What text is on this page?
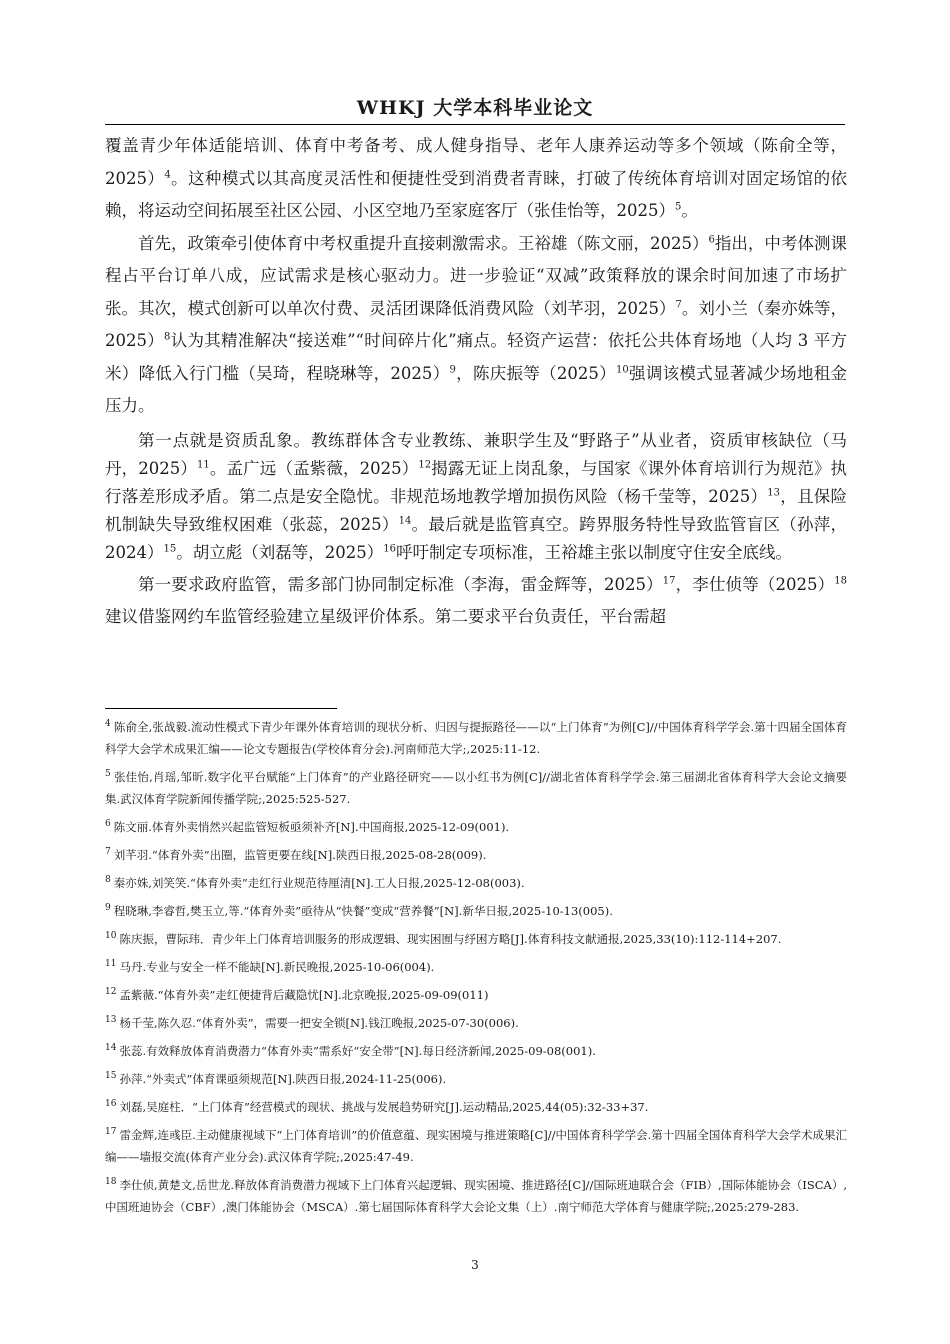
WHKJ 大学本科毕业论文

覆盖青少年体适能培训、体育中考备考、成人健身指导、老年人康养运动等多个领域（陈俞全等，2025）$^4$。这种模式以其高度灵活性和便捷性受到消费者青睐，打破了传统体育培训对固定场馆的依赖，将运动空间拓展至社区公园、小区空地乃至家庭客厅（张佳怡等，2025）$^5$。

首先，政策牵引使体育中考权重提升直接刺激需求。王裕雄（陈文丽，2025）$^6$指出，中考体测课程占平台订单八成，应试需求是核心驱动力。进一步验证“双减”政策释放的课余时间加速了市场扩张。其次，模式创新可以单次付费、灵活团课降低消费风险（刘芊羽，2025）$^7$。刘小兰（秦亦姝等，2025）$^8$认为其精准解决“接送难”“时间碎片化”痛点。轻资产运营：依托公共体育场地（人均 3 平方米）降低入行门槛（吴琦，程晓琳等，2025）$^9$，陈庆振等$(2025)^{10}$强调该模式显著减少场地租金压力。

第一点就是资质乱象。教练群体含专业教练、兼职学生及“野路子”从业者，资质审核缺位（马丹，2025）$^{11}$。孟广远（孟紫薇，2025）$^{12}$揭露无证上岗乱象，与国家《课外体育培训行为规范》执行落差形成矛盾。第二点是安全隐忧。非规范场地教学增加损伤风险（杨千莹等，2025）$^{13}$，且保险机制缺失导致维权困难（张蕊，2025）$^{14}$。最后就是监管真空。跨界服务特性导致监管盲区（孙萍，2024）$^{15}$。胡立彪（刘磊等，2025）$^{16}$呼吁制定专项标准，王裕雄主张以制度守住安全底线。

第一要求政府监管，需多部门协同制定标准（李海，雷金辉等，2025）$^{17}$，李仕侦等$(2025)^{18}$建议借鉴网约车监管经验建立星级评价体系。第二要求平台负责任，平台需超

$^4$ 陈俞全,张战毅.流动性模式下青少年课外体育培训的现状分析、归因与提振路径——以“上门体育”为例[C]//中国体育科学学会.第十四届全国体育科学大会学术成果汇编——论文专题报告(学校体育分会).河南师范大学;,2025:11-12.

$^5$ 张佳怡,肖瑶,邹昕.数字化平台赋能“上门体育”的产业路径研究——以小红书为例[C]//湖北省体育科学学会.第三届湖北省体育科学大会论文摘要集.武汉体育学院新闻传播学院;,2025:525-527.

$^6$ 陈文丽.体育外卖悄然兴起监管短板亟须补齐[N].中国商报,2025-12-09(001).

$^7$ 刘芊羽.“体育外卖”出圈，监管更要在线[N].陕西日报,2025-08-28(009).

$^8$ 秦亦姝,刘笑笑.“体育外卖”走红行业规范待厘清[N].工人日报,2025-12-08(003).

$^9$ 程晓琳,李睿哲,樊玉立,等.“体育外卖”亟待从“快餐”变成“营养餐”[N].新华日报,2025-10-13(005).

$^{10}$ 陈庆振，曹际玮．青少年上门体育培训服务的形成逻辑、现实困囿与纾困方略[J].体育科技文献通报,2025,33(10):112-114+207.

$^{11}$ 马丹.专业与安全一样不能缺[N].新民晚报,2025-10-06(004).

$^{12}$ 孟紫薇.“体育外卖”走红便捷背后藏隐忧[N].北京晚报,2025-09-09(011)

$^{13}$ 杨千莹,陈久忍.“体育外卖”，需要一把安全锁[N].钱江晚报,2025-07-30(006).

$^{14}$ 张蕊.有效释放体育消费潜力“体育外卖”需系好“安全带”[N].每日经济新闻,2025-09-08(001).

$^{15}$ 孙萍.“外卖式”体育课亟须规范[N].陕西日报,2024-11-25(006).

$^{16}$ 刘磊,吴庭柱．“上门体育”经营模式的现状、挑战与发展趋势研究[J].运动精品,2025,44(05):32-33+37.

$^{17}$ 雷金辉,连彧臣.主动健康视域下“上门体育培训”的价值意蕴、现实困境与推进策略[C]//中国体育科学学会.第十四届全国体育科学大会学术成果汇编——墙报交流(体育产业分会).武汉体育学院;,2025:47-49.

$^{18}$ 李仕侦,黄楚文,岳世龙.释放体育消费潜力视域下上门体育兴起逻辑、现实困境、推进路径[C]//国际班迪联合会（FIB）,国际体能协会（ISCA）,中国班迪协会（CBF）,澳门体能协会（MSCA）.第七届国际体育科学大会论文集（上）.南宁师范大学体育与健康学院;,2025:279-283.

3
